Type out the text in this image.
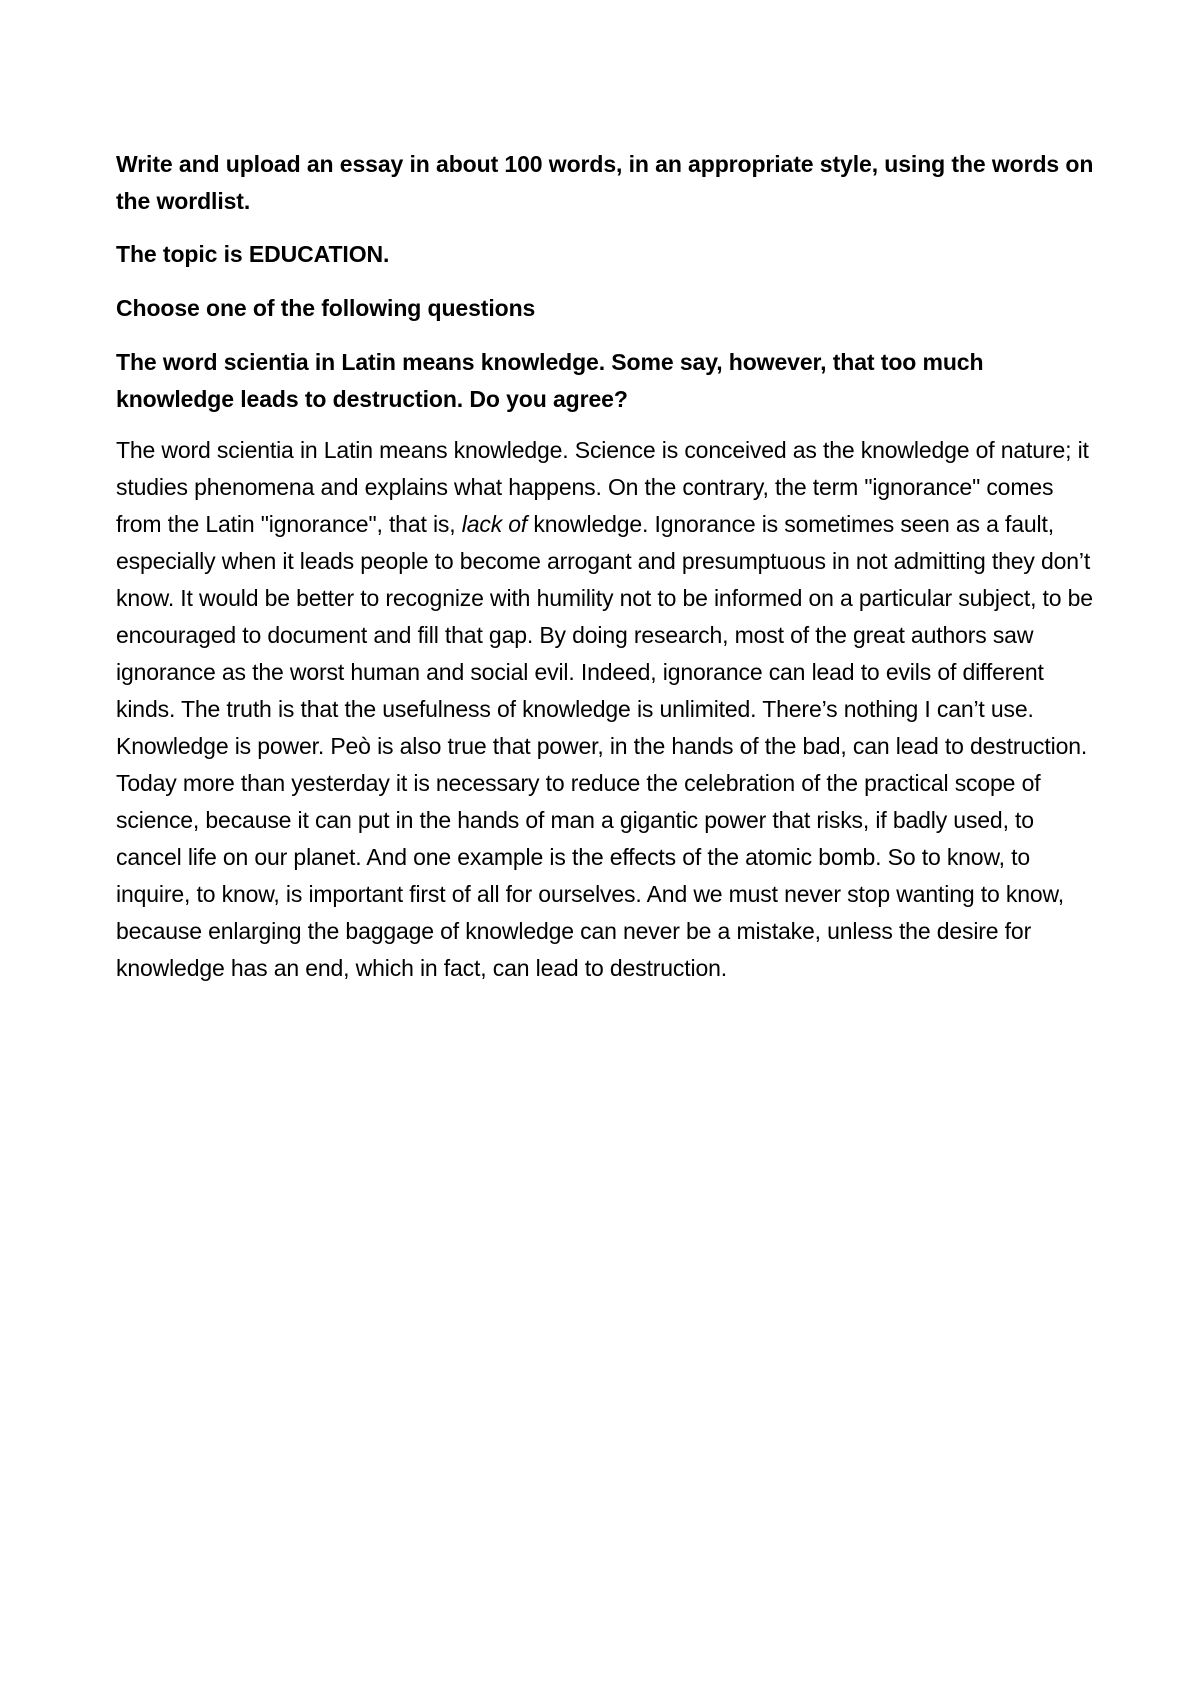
Write and upload an essay in about 100 words, in an appropriate style, using the words on the wordlist.

The topic is EDUCATION.

Choose one of the following questions

The word scientia in Latin means knowledge. Some say, however, that too much knowledge leads to destruction. Do you agree?

The word scientia in Latin means knowledge. Science is conceived as the knowledge of nature; it studies phenomena and explains what happens. On the contrary, the term "ignorance" comes from the Latin "ignorance", that is, lack of knowledge. Ignorance is sometimes seen as a fault, especially when it leads people to become arrogant and presumptuous in not admitting they don’t know. It would be better to recognize with humility not to be informed on a particular subject, to be encouraged to document and fill that gap. By doing research, most of the great authors saw ignorance as the worst human and social evil. Indeed, ignorance can lead to evils of different kinds. The truth is that the usefulness of knowledge is unlimited. There’s nothing I can’t use. Knowledge is power. Peò is also true that power, in the hands of the bad, can lead to destruction. Today more than yesterday it is necessary to reduce the celebration of the practical scope of science, because it can put in the hands of man a gigantic power that risks, if badly used, to cancel life on our planet. And one example is the effects of the atomic bomb. So to know, to inquire, to know, is important first of all for ourselves. And we must never stop wanting to know, because enlarging the baggage of knowledge can never be a mistake, unless the desire for knowledge has an end, which in fact, can lead to destruction.
